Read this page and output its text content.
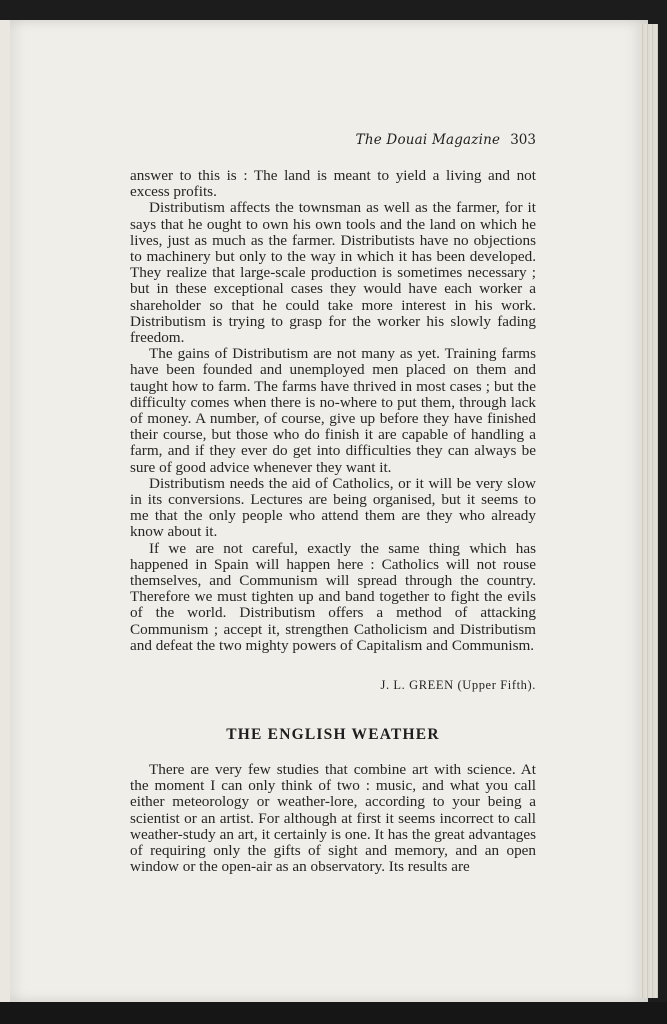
The Douai Magazine 303

answer to this is : The land is meant to yield a living and not excess profits.

Distributism affects the townsman as well as the farmer, for it says that he ought to own his own tools and the land on which he lives, just as much as the farmer. Distributists have no objections to machinery but only to the way in which it has been developed. They realize that large-scale production is sometimes necessary ; but in these exceptional cases they would have each worker a shareholder so that he could take more interest in his work. Distributism is trying to grasp for the worker his slowly fading freedom.

The gains of Distributism are not many as yet. Training farms have been founded and unemployed men placed on them and taught how to farm. The farms have thrived in most cases ; but the difficulty comes when there is no-where to put them, through lack of money. A number, of course, give up before they have finished their course, but those who do finish it are capable of handling a farm, and if they ever do get into difficulties they can always be sure of good advice whenever they want it.

Distributism needs the aid of Catholics, or it will be very slow in its conversions. Lectures are being organised, but it seems to me that the only people who attend them are they who already know about it.

If we are not careful, exactly the same thing which has happened in Spain will happen here : Catholics will not rouse themselves, and Communism will spread through the country. Therefore we must tighten up and band together to fight the evils of the world. Distributism offers a method of attacking Communism ; accept it, strengthen Catholicism and Distributism and defeat the two mighty powers of Capitalism and Communism.

J. L. GREEN (Upper Fifth).
THE ENGLISH WEATHER

There are very few studies that combine art with science. At the moment I can only think of two : music, and what you call either meteorology or weather-lore, according to your being a scientist or an artist. For although at first it seems incorrect to call weather-study an art, it certainly is one. It has the great advantages of requiring only the gifts of sight and memory, and an open window or the open-air as an observatory. Its results are
